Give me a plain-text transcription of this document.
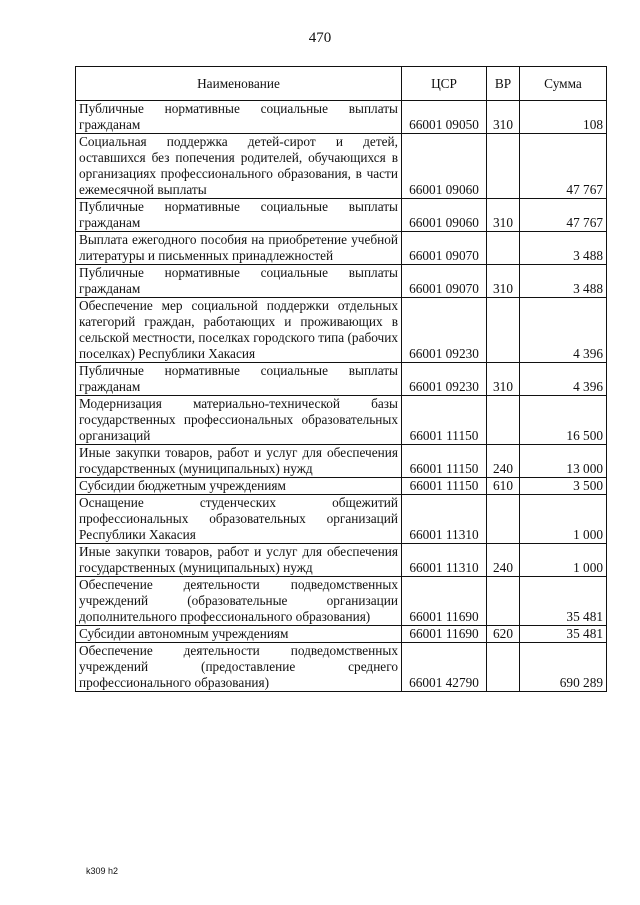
470
Наименование	ЦСР	ВР	Сумма
Публичные нормативные социальные выплаты гражданам	66001 09050	310	108
Социальная поддержка детей-сирот и детей, оставшихся без попечения родителей, обучающихся в организациях профессионального образования, в части ежемесячной выплаты	66001 09060		47 767
Публичные нормативные социальные выплаты гражданам	66001 09060	310	47 767
Выплата ежегодного пособия на приобретение учебной литературы и письменных принадлежностей	66001 09070		3 488
Публичные нормативные социальные выплаты гражданам	66001 09070	310	3 488
Обеспечение мер социальной поддержки отдельных категорий граждан, работающих и проживающих в сельской местности, поселках городского типа (рабочих поселках) Республики Хакасия	66001 09230		4 396
Публичные нормативные социальные выплаты гражданам	66001 09230	310	4 396
Модернизация материально-технической базы государственных профессиональных образовательных организаций	66001 11150		16 500
Иные закупки товаров, работ и услуг для обеспечения государственных (муниципальных) нужд	66001 11150	240	13 000
Субсидии бюджетным учреждениям	66001 11150	610	3 500
Оснащение студенческих общежитий профессиональных образовательных организаций Республики Хакасия	66001 11310		1 000
Иные закупки товаров, работ и услуг для обеспечения государственных (муниципальных) нужд	66001 11310	240	1 000
Обеспечение деятельности подведомственных учреждений (образовательные организации дополнительного профессионального образования)	66001 11690		35 481
Субсидии автономным учреждениям	66001 11690	620	35 481
Обеспечение деятельности подведомственных учреждений (предоставление среднего профессионального образования)	66001 42790		690 289
k309 h2
